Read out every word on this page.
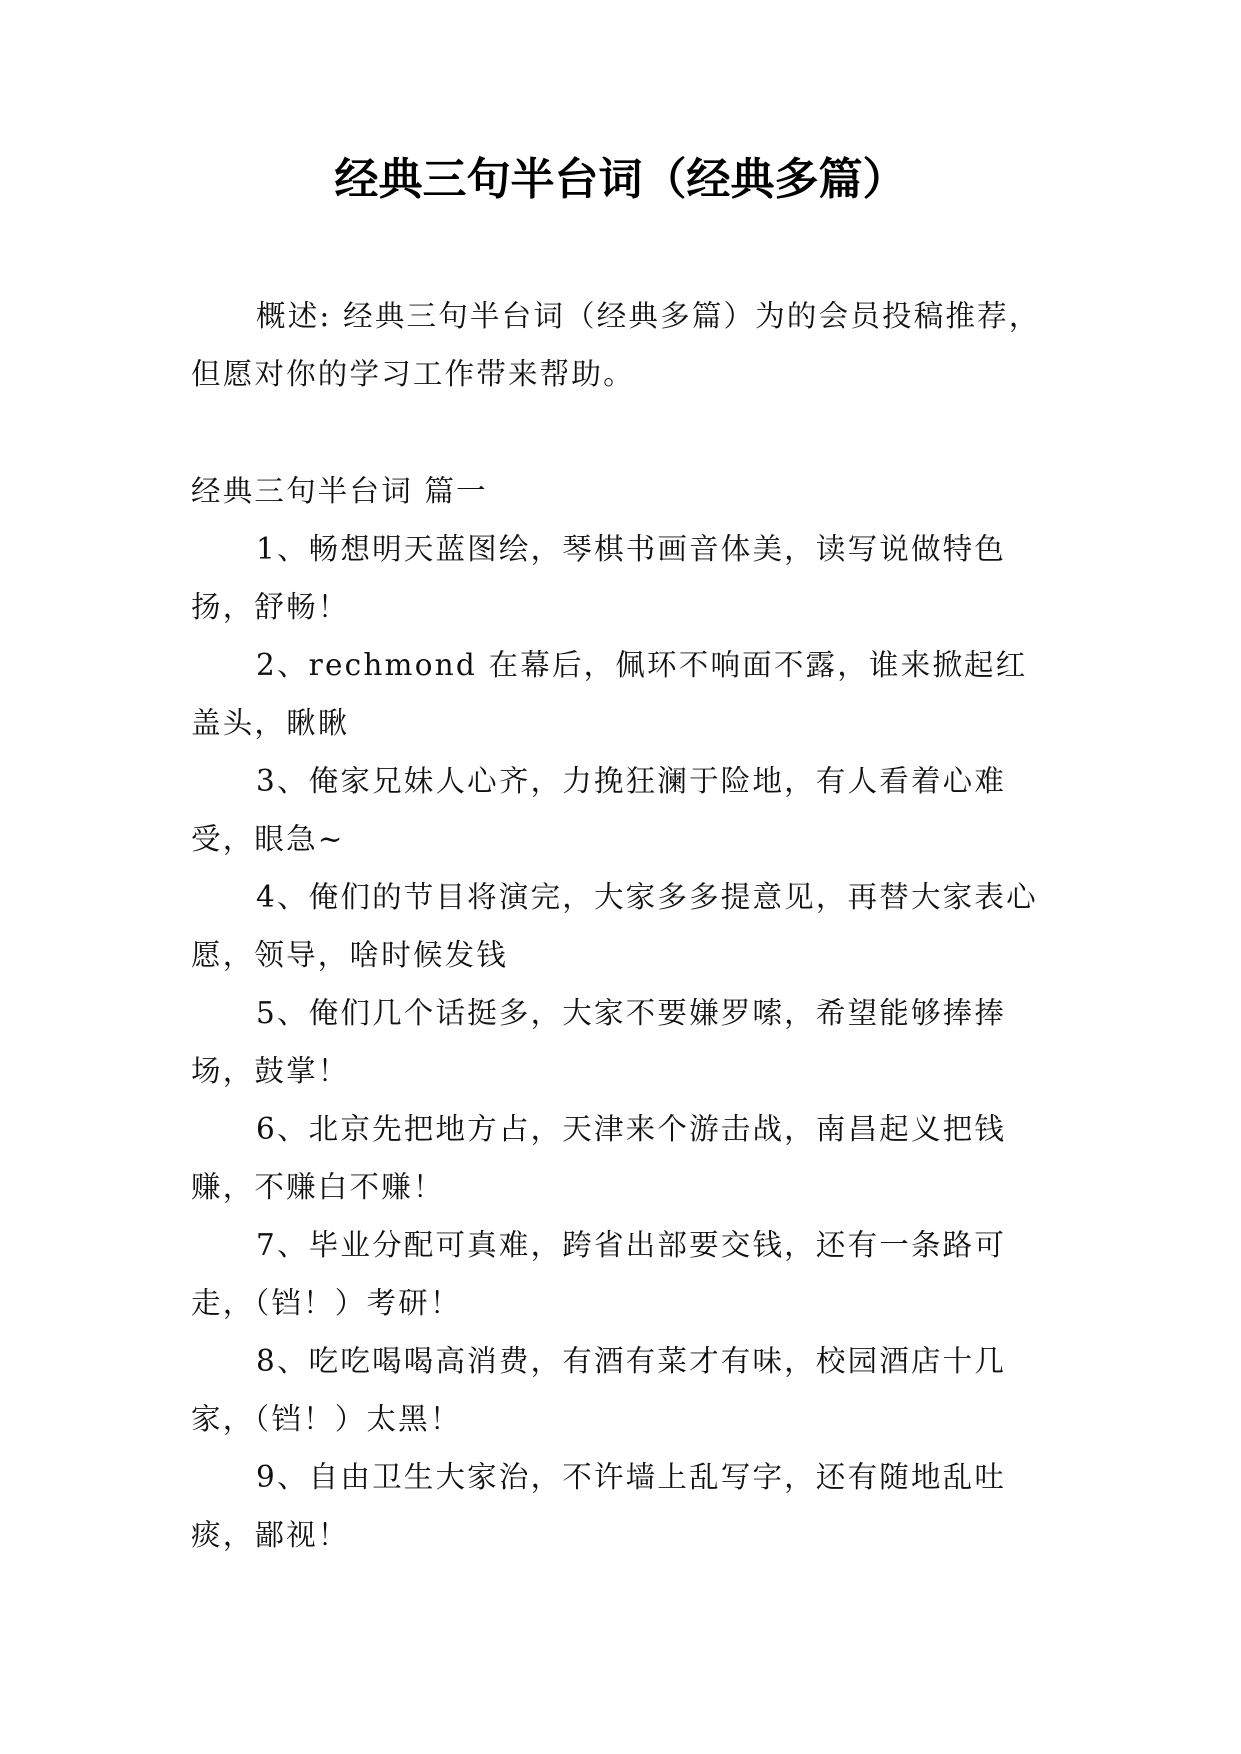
经典三句半台词（经典多篇）

概述: 经典三句半台词（经典多篇）为的会员投稿推荐，但愿对你的学习工作带来帮助。

经典三句半台词 篇一

1、畅想明天蓝图绘，琴棋书画音体美，读写说做特色扬，舒畅！
2、rechmond 在幕后，佩环不响面不露，谁来掀起红盖头，瞅瞅
3、俺家兄妹人心齐，力挽狂澜于险地，有人看着心难受，眼急~
4、俺们的节目将演完，大家多多提意见，再替大家表心愿，领导，啥时候发钱
5、俺们几个话挺多，大家不要嫌罗嗦，希望能够捧捧场，鼓掌！
6、北京先把地方占，天津来个游击战，南昌起义把钱赚，不赚白不赚！
7、毕业分配可真难，跨省出部要交钱，还有一条路可走，（铛！）考研！
8、吃吃喝喝高消费，有酒有菜才有味，校园酒店十几家，（铛！）太黑！
9、自由卫生大家治，不许墙上乱写字，还有随地乱吐痰，鄙视！
